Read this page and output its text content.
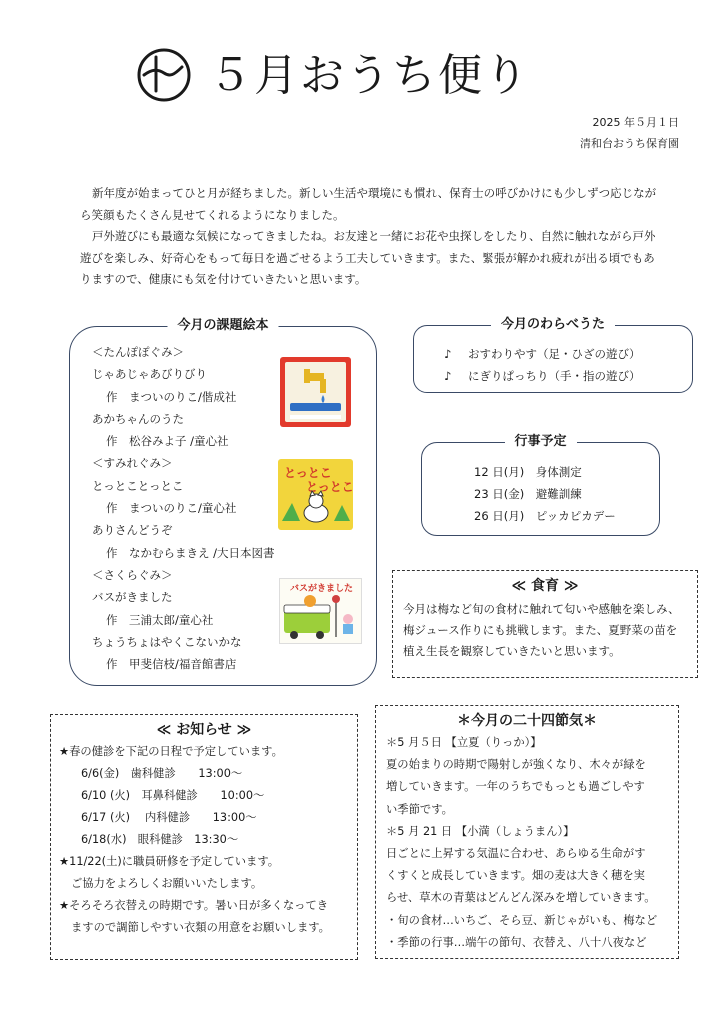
５月おうち便り
2025 年５月１日
清和台おうち保育園

新年度が始まってひと月が経ちました。新しい生活や環境にも慣れ、保育士の呼びかけにも少しずつ応じながら笑顔もたくさん見せてくれるようになりました。

戸外遊びにも最適な気候になってきましたね。お友達と一緒にお花や虫探しをしたり、自然に触れながら戸外遊びを楽しみ、好奇心をもって毎日を過ごせるよう工夫していきます。また、緊張が解かれ疲れが出る頃でもありますので、健康にも気を付けていきたいと思います。

今月の課題絵本
＜たんぽぽぐみ＞
じゃあじゃあびりびり
作　まついのりこ/偕成社
あかちゃんのうた
作　松谷みよ子 /童心社
＜すみれぐみ＞
とっとことっとこ
作　まついのりこ/童心社
ありさんどうぞ
作　なかむらまきえ /大日本図書
＜さくらぐみ＞
バスがきました
作　三浦太郎/童心社
ちょうちょはやくこないかな
作　甲斐信枝/福音館書店
とっとこ
とっとこ
バスがきました
今月のわらべうた
♪ おすわりやす（足・ひざの遊び）
♪ にぎりぱっちり（手・指の遊び）
行事予定
12 日(月)　身体測定
23 日(金)　避難訓練
26 日(月)　ピッカピカデー
≪ 食育 ≫
今月は梅など旬の食材に触れて匂いや感触を楽しみ、梅ジュース作りにも挑戦します。また、夏野菜の苗を植え生長を観察していきたいと思います。
≪ お知らせ ≫
★春の健診を下記の日程で予定しています。
6/6(金)　歯科健診　　13:00～
6/10 (火)　耳鼻科健診　　10:00～
6/17 (火)　 内科健診　　13:00～
6/18(水)　眼科健診　13:30～
★11/22(土)に職員研修を予定しています。
ご協力をよろしくお願いいたします。
★そろそろ衣替えの時期です。暑い日が多くなってき
ますので調節しやすい衣類の用意をお願いします。
＊今月の二十四節気＊
＊5 月５日 【立夏（りっか）】
夏の始まりの時期で陽射しが強くなり、木々が緑を
増していきます。一年のうちでもっとも過ごしやす
い季節です。
＊5 月 21 日 【小満（しょうまん）】
日ごとに上昇する気温に合わせ、あらゆる生命がす
くすくと成長していきます。畑の麦は大きく穂を実
らせ、草木の青葉はどんどん深みを増していきます。
・旬の食材…いちご、そら豆、新じゃがいも、梅など
・季節の行事…端午の節句、衣替え、八十八夜など
